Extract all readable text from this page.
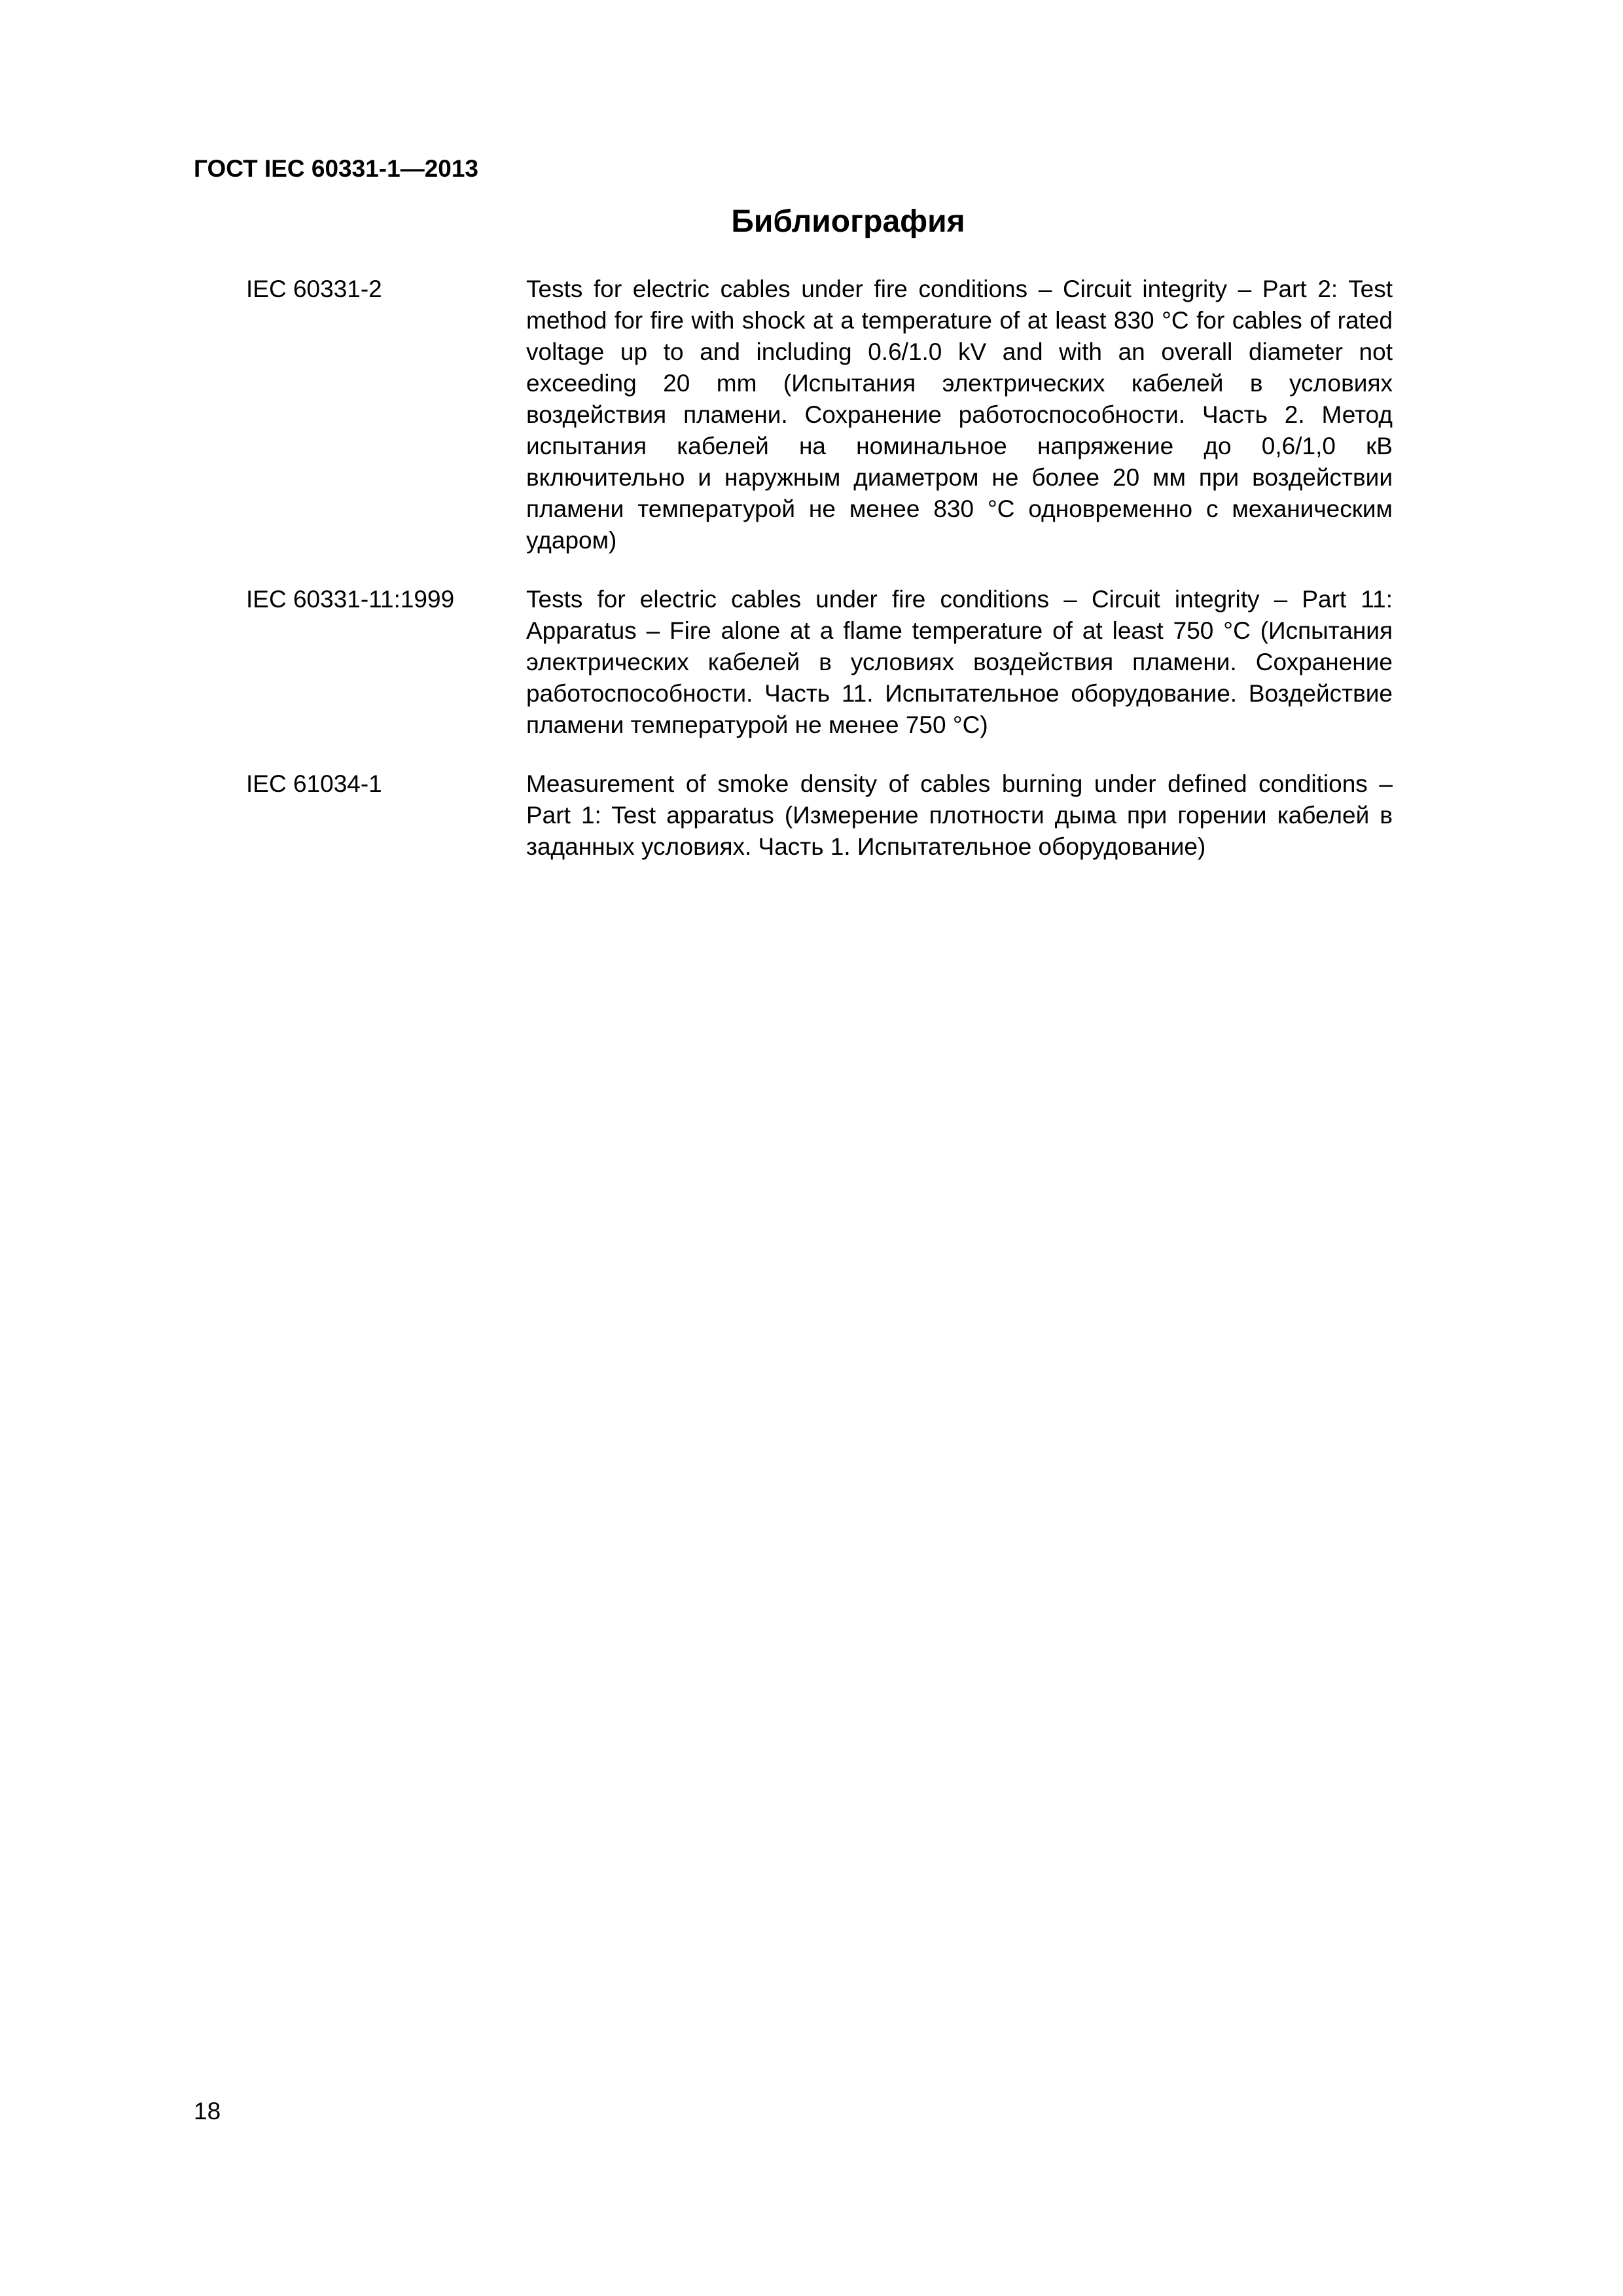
ГОСТ IEC 60331-1—2013
Библиография
IEC 60331-2	Tests for electric cables under fire conditions – Circuit integrity – Part 2: Test method for fire with shock at a temperature of at least 830 °C for cables of rated voltage up to and including 0.6/1.0 kV and with an overall diameter not exceeding 20 mm (Испытания электрических кабелей в условиях воздействия пламени. Сохранение работоспособности. Часть 2. Метод испытания кабелей на номинальное напряжение до 0,6/1,0 кВ включительно и наружным диаметром не более 20 мм при воздействии пламени температурой не менее 830 °С одновременно с механическим ударом)
IEC 60331-11:1999	Tests for electric cables under fire conditions – Circuit integrity – Part 11: Apparatus – Fire alone at a flame temperature of at least 750 °C (Испытания электрических кабелей в условиях воздействия пламени. Сохранение работоспособности. Часть 11. Испытательное оборудование. Воздействие пламени температурой не менее 750 °С)
IEC 61034-1	Measurement of smoke density of cables burning under defined conditions – Part 1: Test apparatus (Измерение плотности дыма при горении кабелей в заданных условиях. Часть 1. Испытательное оборудование)
18
